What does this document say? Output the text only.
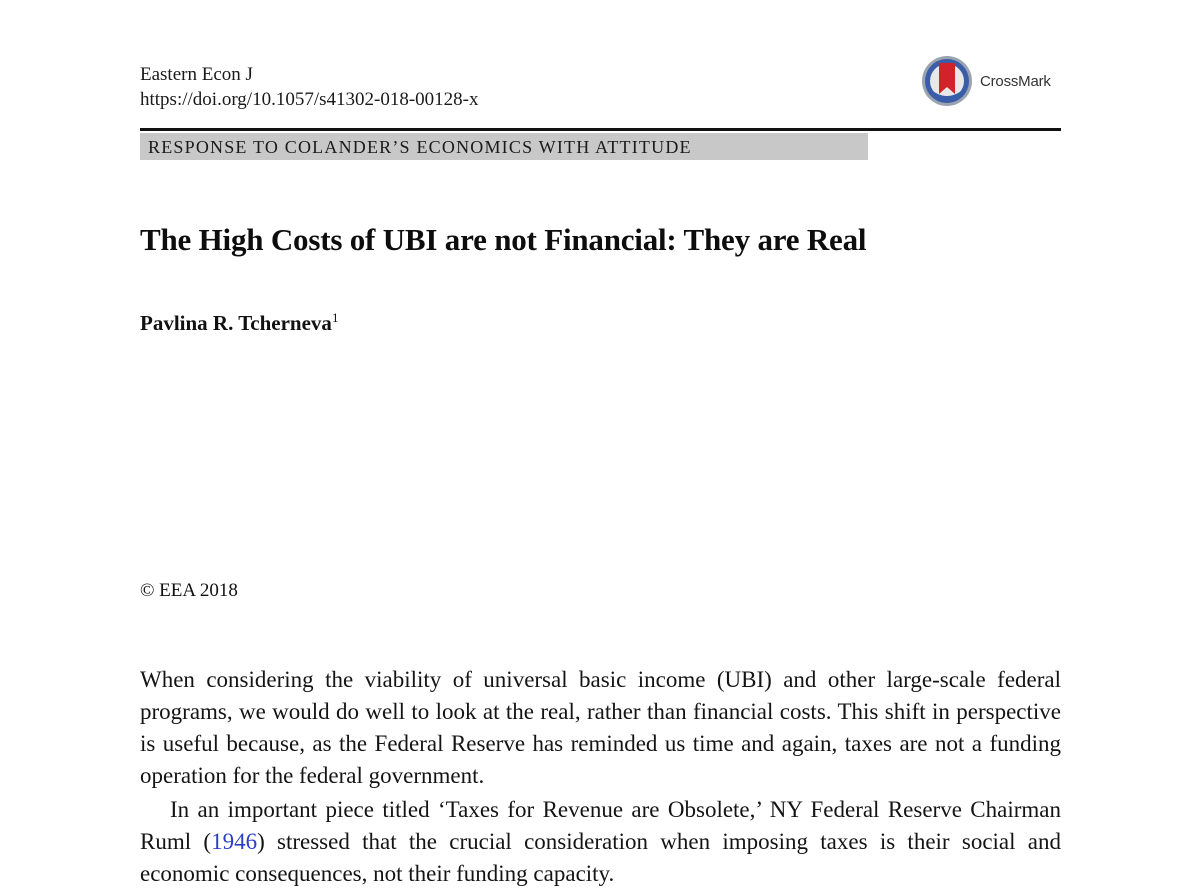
Eastern Econ J
https://doi.org/10.1057/s41302-018-00128-x
CrossMark
RESPONSE TO COLANDER’S ECONOMICS WITH ATTITUDE
The High Costs of UBI are not Financial: They are Real
Pavlina R. Tcherneva$^1$
© EEA 2018

When considering the viability of universal basic income (UBI) and other large-scale federal programs, we would do well to look at the real, rather than financial costs. This shift in perspective is useful because, as the Federal Reserve has reminded us time and again, taxes are not a funding operation for the federal government.

In an important piece titled ‘Taxes for Revenue are Obsolete,’ NY Federal Reserve Chairman Ruml (1946) stressed that the crucial consideration when imposing taxes is their social and economic consequences, not their funding capacity.
